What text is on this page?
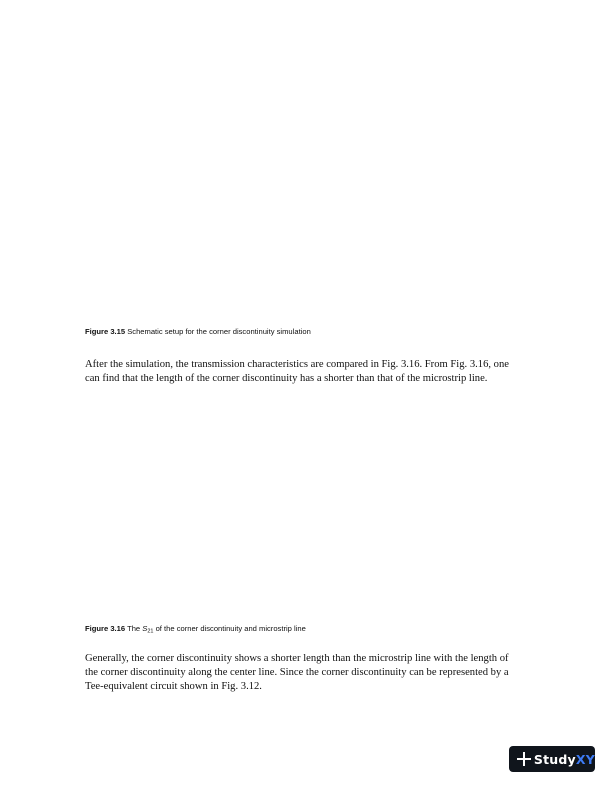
Figure 3.15 Schematic setup for the corner discontinuity simulation
After the simulation, the transmission characteristics are compared in Fig. 3.16. From Fig. 3.16, one
can find that the length of the corner discontinuity has a shorter than that of the microstrip line.
Figure 3.16 The $S_{21}$ of the corner discontinuity and microstrip line
Generally, the corner discontinuity shows a shorter length than the microstrip line with the length of
the corner discontinuity along the center line. Since the corner discontinuity can be represented by a
Tee-equivalent circuit shown in Fig. 3.12.
Study XY
